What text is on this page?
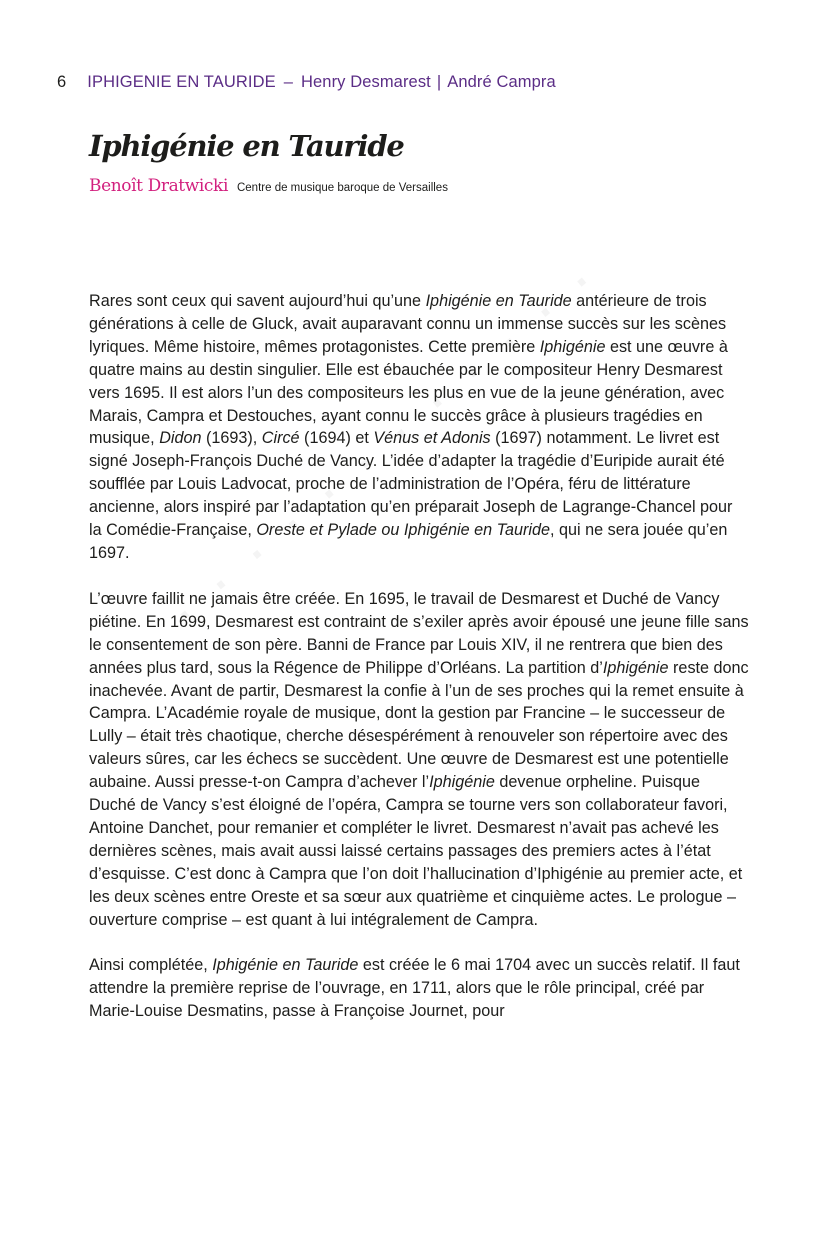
6 IPHIGENIE EN TAURIDE – Henry Desmarest | André Campra
Iphigénie en Tauride
Benoît Dratwicki Centre de musique baroque de Versailles

Rares sont ceux qui savent aujourd’hui qu’une Iphigénie en Tauride antérieure de trois générations à celle de Gluck, avait auparavant connu un immense succès sur les scènes lyriques. Même histoire, mêmes protagonistes. Cette première Iphigénie est une œuvre à quatre mains au destin singulier. Elle est ébauchée par le compositeur Henry Desmarest vers 1695. Il est alors l’un des compositeurs les plus en vue de la jeune génération, avec Marais, Campra et Destouches, ayant connu le succès grâce à plusieurs tragédies en musique, Didon (1693), Circé (1694) et Vénus et Adonis (1697) notamment. Le livret est signé Joseph-François Duché de Vancy. L’idée d’adapter la tragédie d’Euripide aurait été soufflée par Louis Ladvocat, proche de l’administration de l’Opéra, féru de littérature ancienne, alors inspiré par l’adaptation qu’en préparait Joseph de Lagrange-Chancel pour la Comédie-Française, Oreste et Pylade ou Iphigénie en Tauride, qui ne sera jouée qu’en 1697.

L’œuvre faillit ne jamais être créée. En 1695, le travail de Desmarest et Duché de Vancy piétine. En 1699, Desmarest est contraint de s’exiler après avoir épousé une jeune fille sans le consentement de son père. Banni de France par Louis XIV, il ne rentrera que bien des années plus tard, sous la Régence de Philippe d’Orléans. La partition d’Iphigénie reste donc inachevée. Avant de partir, Desmarest la confie à l’un de ses proches qui la remet ensuite à Campra. L’Académie royale de musique, dont la gestion par Francine – le successeur de Lully – était très chaotique, cherche désespérément à renouveler son répertoire avec des valeurs sûres, car les échecs se succèdent. Une œuvre de Desmarest est une potentielle aubaine. Aussi presse-t-on Campra d’achever l’Iphigénie devenue orpheline. Puisque Duché de Vancy s’est éloigné de l’opéra, Campra se tourne vers son collaborateur favori, Antoine Danchet, pour remanier et compléter le livret. Desmarest n’avait pas achevé les dernières scènes, mais avait aussi laissé certains passages des premiers actes à l’état d’esquisse. C’est donc à Campra que l’on doit l’hallucination d’Iphigénie au premier acte, et les deux scènes entre Oreste et sa sœur aux quatrième et cinquième actes. Le prologue – ouverture comprise – est quant à lui intégralement de Campra.

Ainsi complétée, Iphigénie en Tauride est créée le 6 mai 1704 avec un succès relatif. Il faut attendre la première reprise de l’ouvrage, en 1711, alors que le rôle principal, créé par Marie-Louise Desmatins, passe à Françoise Journet, pour
